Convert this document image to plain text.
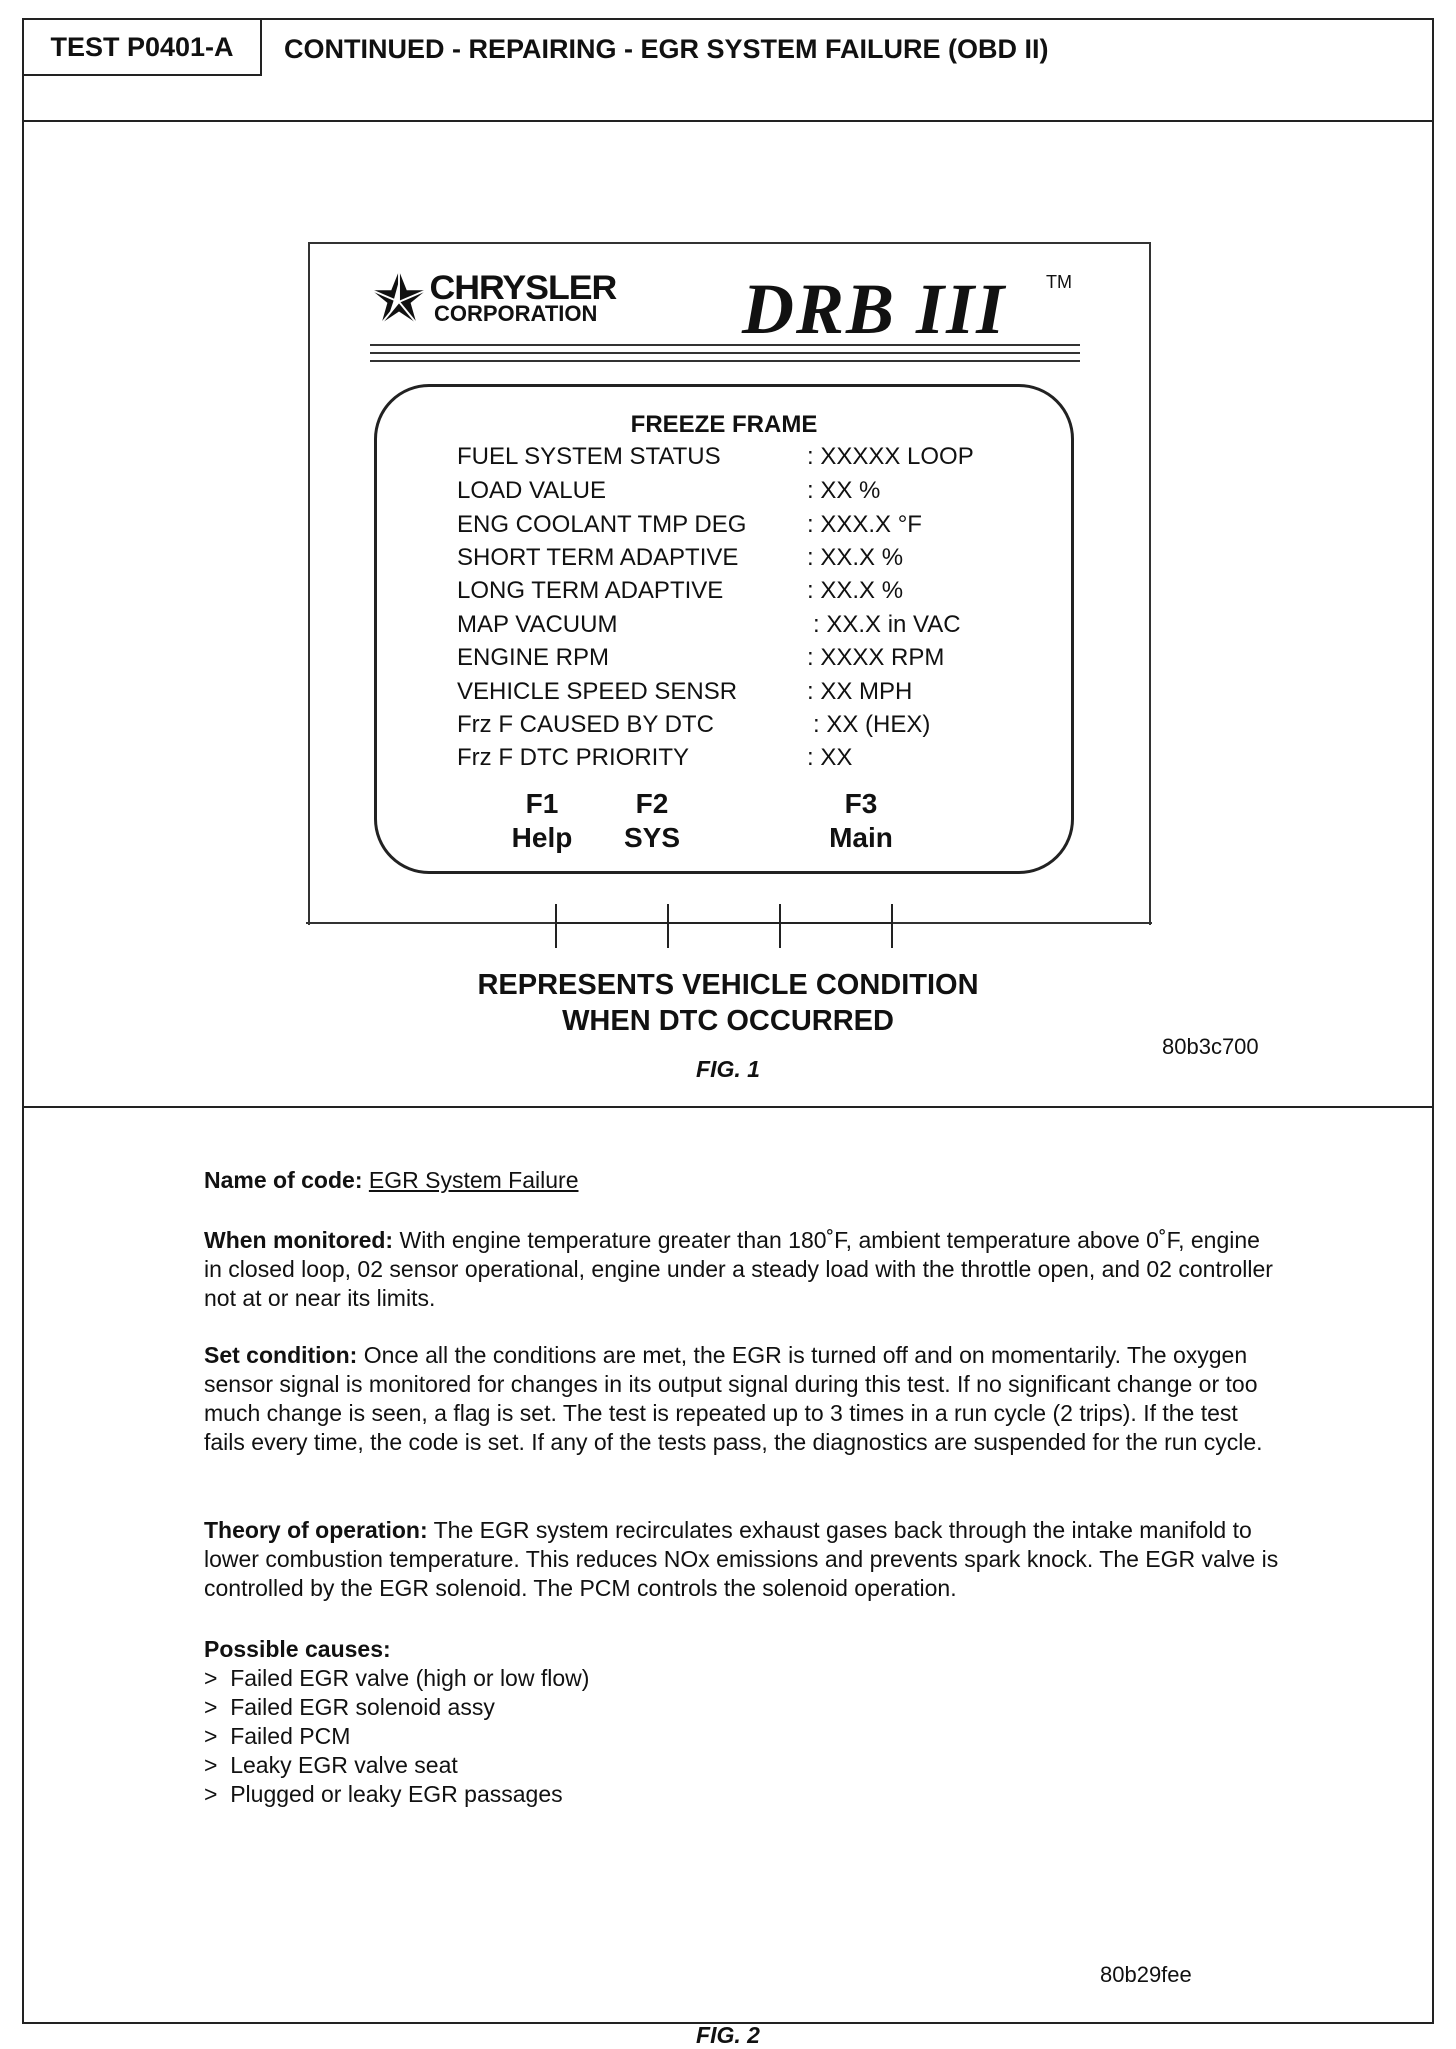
TEST P0401-A CONTINUED - REPAIRING - EGR SYSTEM FAILURE (OBD II)
CHRYSLER
CORPORATION DRB III TM
FREEZE FRAME
FUEL SYSTEM STATUS	: XXXXX LOOP
LOAD VALUE	: XX %
ENG COOLANT TMP DEG	: XXX.X °F
SHORT TERM ADAPTIVE	: XX.X %
LONG TERM ADAPTIVE	: XX.X %
MAP VACUUM	: XX.X in VAC
ENGINE RPM	: XXXX RPM
VEHICLE SPEED SENSR	: XX MPH
Frz F CAUSED BY DTC	: XX (HEX)
Frz F DTC PRIORITY	: XX
F1
Help
F2
SYS
F3
Main
REPRESENTS VEHICLE CONDITION
WHEN DTC OCCURRED
80b3c700
FIG. 1
Name of code: EGR System Failure
When monitored: With engine temperature greater than 180˚F, ambient temperature above 0˚F, engine in closed loop, 02 sensor operational, engine under a steady load with the throttle open, and 02 controller not at or near its limits.
Set condition: Once all the conditions are met, the EGR is turned off and on momentarily. The oxygen sensor signal is monitored for changes in its output signal during this test. If no significant change or too much change is seen, a flag is set. The test is repeated up to 3 times in a run cycle (2 trips). If the test fails every time, the code is set. If any of the tests pass, the diagnostics are suspended for the run cycle.
Theory of operation: The EGR system recirculates exhaust gases back through the intake manifold to lower combustion temperature. This reduces NOx emissions and prevents spark knock. The EGR valve is controlled by the EGR solenoid. The PCM controls the solenoid operation.
Possible causes:
> Failed EGR valve (high or low flow)
> Failed EGR solenoid assy
> Failed PCM
> Leaky EGR valve seat
> Plugged or leaky EGR passages
80b29fee
FIG. 2
